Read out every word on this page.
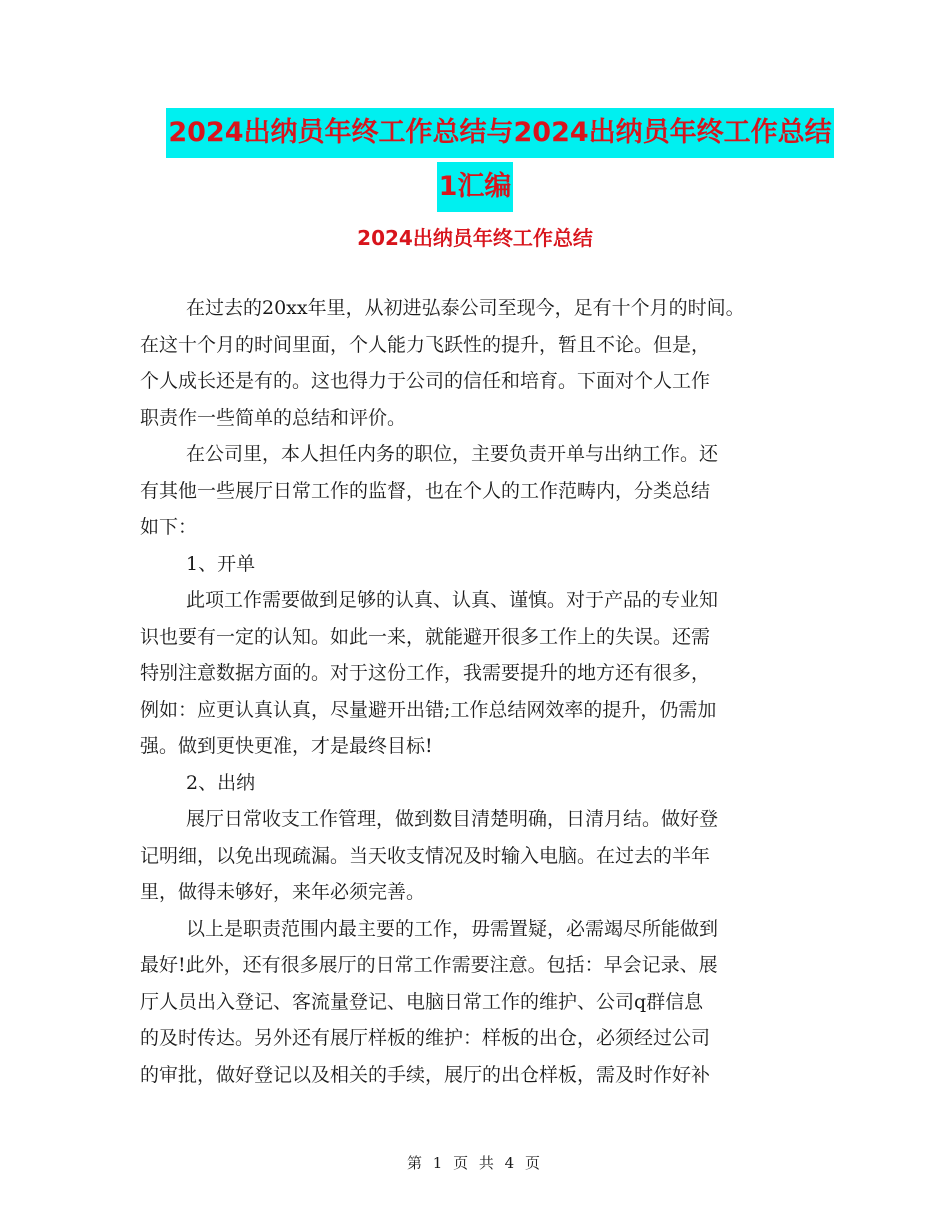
2024出纳员年终工作总结与2024出纳员年终工作总结
1汇编
2024出纳员年终工作总结
在过去的20xx年里，从初进弘泰公司至现今，足有十个月的时间。
在这十个月的时间里面，个人能力飞跃性的提升，暂且不论。但是，
个人成长还是有的。这也得力于公司的信任和培育。下面对个人工作
职责作一些简单的总结和评价。
在公司里，本人担任内务的职位，主要负责开单与出纳工作。还
有其他一些展厅日常工作的监督，也在个人的工作范畴内，分类总结
如下：
1、开单
此项工作需要做到足够的认真、认真、谨慎。对于产品的专业知
识也要有一定的认知。如此一来，就能避开很多工作上的失误。还需
特别注意数据方面的。对于这份工作，我需要提升的地方还有很多，
例如：应更认真认真，尽量避开出错;工作总结网效率的提升，仍需加
强。做到更快更准，才是最终目标!
2、出纳
展厅日常收支工作管理，做到数目清楚明确，日清月结。做好登
记明细，以免出现疏漏。当天收支情况及时输入电脑。在过去的半年
里，做得未够好，来年必须完善。
以上是职责范围内最主要的工作，毋需置疑，必需竭尽所能做到
最好!此外，还有很多展厅的日常工作需要注意。包括：早会记录、展
厅人员出入登记、客流量登记、电脑日常工作的维护、公司q群信息
的及时传达。另外还有展厅样板的维护：样板的出仓，必须经过公司
的审批，做好登记以及相关的手续，展厅的出仓样板，需及时作好补
第 1 页 共 4 页
